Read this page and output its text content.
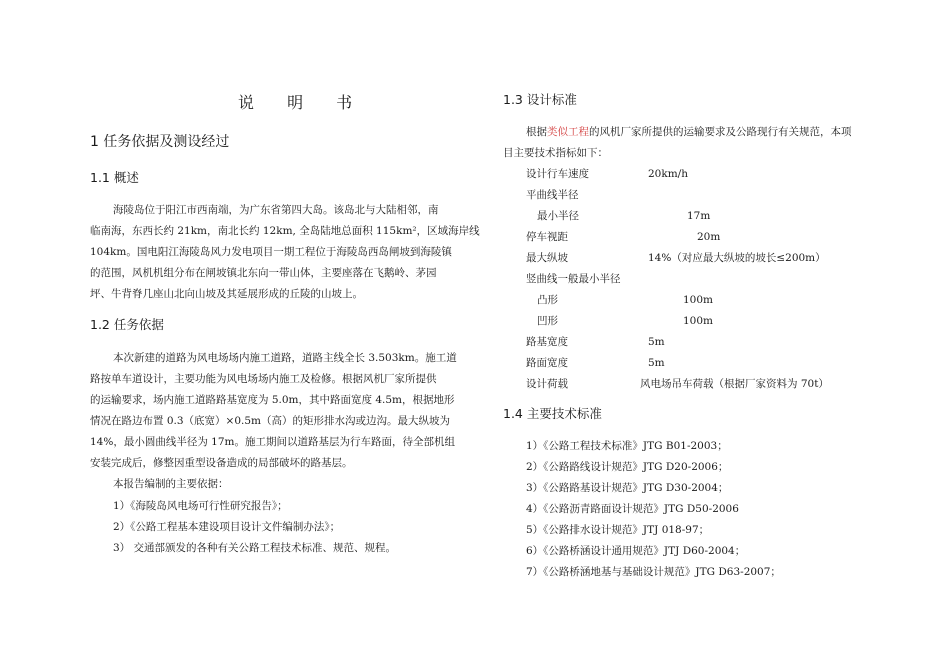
说 明 书
1 任务依据及测设经过
1.1 概述
海陵岛位于阳江市西南端，为广东省第四大岛。该岛北与大陆相邻，南
临南海，东西长约 21km，南北长约 12km, 全岛陆地总面积 115km²，区域海岸线
104km。国电阳江海陵岛风力发电项目一期工程位于海陵岛西岛闸坡到海陵镇
的范围，风机机组分布在闸坡镇北东向一带山体，主要座落在飞鹅岭、茅园
坪、牛背脊几座山北向山坡及其延展形成的丘陵的山坡上。
1.2 任务依据
本次新建的道路为风电场场内施工道路，道路主线全长 3.503km。施工道
路按单车道设计，主要功能为风电场场内施工及检修。根据风机厂家所提供
的运输要求，场内施工道路路基宽度为 5.0m，其中路面宽度 4.5m，根据地形
情况在路边布置 0.3（底宽）×0.5m（高）的矩形排水沟或边沟。最大纵坡为
14%，最小圆曲线半径为 17m。施工期间以道路基层为行车路面，待全部机组
安装完成后，修整因重型设备造成的局部破坏的路基层。
本报告编制的主要依据：
1）《海陵岛风电场可行性研究报告》；
2）《公路工程基本建设项目设计文件编制办法》；
3） 交通部颁发的各种有关公路工程技术标准、规范、规程。
1.3 设计标准
根据类似工程的风机厂家所提供的运输要求及公路现行有关规范，本项
目主要技术指标如下：
设计行车速度	20km/h
平曲线半径
最小半径	17m
停车视距	20m
最大纵坡	14%（对应最大纵坡的坡长≤200m）
竖曲线一般最小半径
凸形	100m
凹形	100m
路基宽度	5m
路面宽度	5m
设计荷载	风电场吊车荷载（根据厂家资料为 70t）
1.4 主要技术标准
1）《公路工程技术标准》JTG B01-2003；
2）《公路路线设计规范》JTG D20-2006；
3）《公路路基设计规范》JTG D30-2004；
4）《公路沥青路面设计规范》JTG D50-2006
5）《公路排水设计规范》JTJ 018-97；
6）《公路桥涵设计通用规范》JTJ D60-2004；
7）《公路桥涵地基与基础设计规范》JTG D63-2007；
